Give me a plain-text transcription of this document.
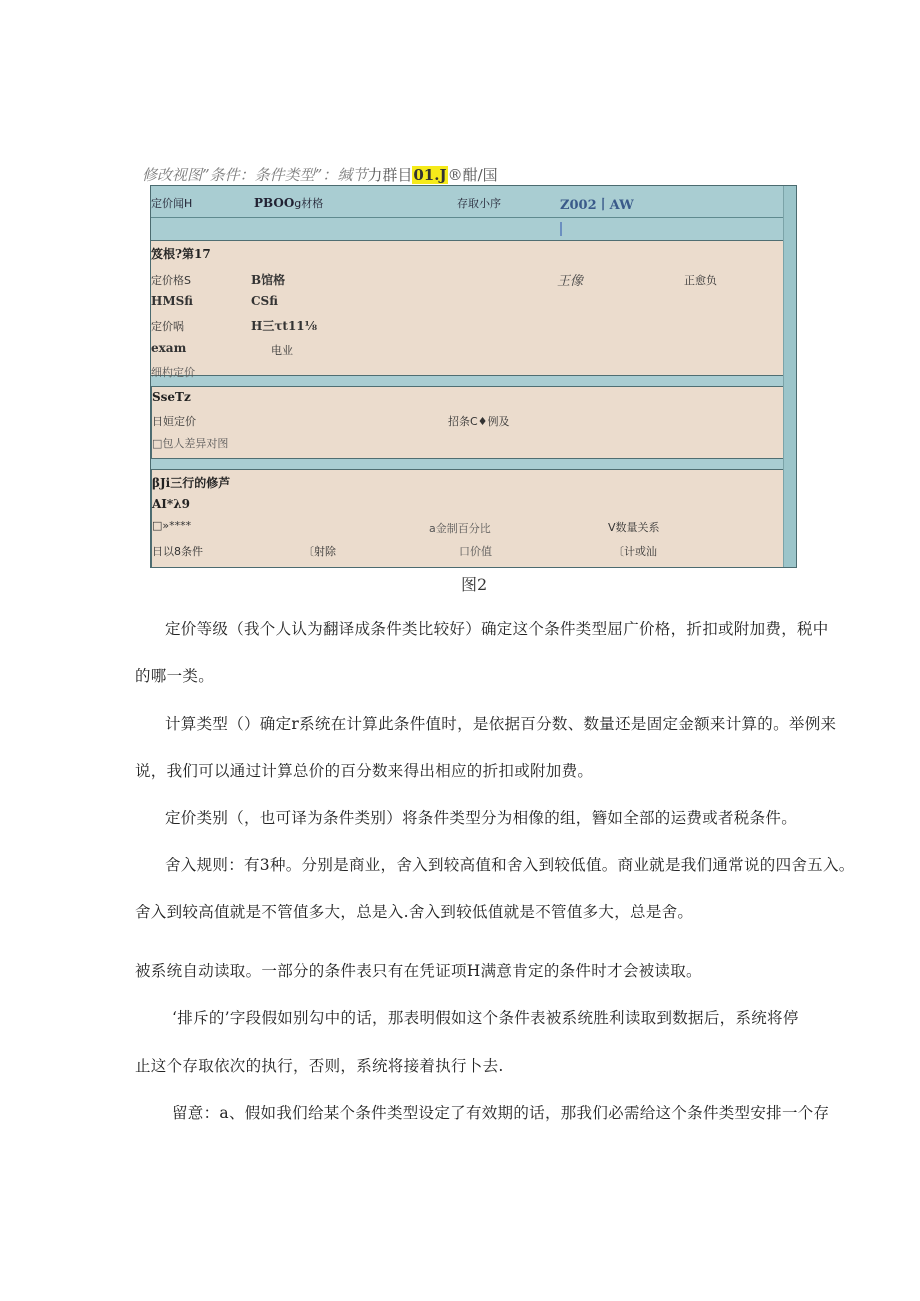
修改视图”条件：条件类型”：缄节力群目01.J®酣/国
定价闻H	PBOOg材格	存取小序	Z002丨AW
笈根?第17
定价格S	B馆格	王像	正愈负
HMSfi	CSfi
定价㖞	H三τt11⅛
exam	电业
细杓定价
SseTz
日姮定价	招条C♦例及
□包人差异对图
βJi三行的修芦
AI*λ9
□»****	a金制百分比	V数量关系
日以8条件	〔射除	口价值	〔计或汕
图2
定价等级（我个人认为翻译成条件类比较好）确定这个条件类型屈广价格，折扣或附加费，税中
的哪一类。
计算类型（）确定r系统在计算此条件值时，是依据百分数、数量还是固定金额来计算的。举例来
说，我们可以通过计算总价的百分数来得出相应的折扣或附加费。
定价类别（，也可译为条件类别）将条件类型分为相像的组，簪如全部的运费或者税条件。
舍入规则：有3种。分别是商业，舍入到较高值和舍入到较低值。商业就是我们通常说的四舍五入。
舍入到较高值就是不管值多大，总是入.舍入到较低值就是不管值多大，总是舍。
被系统自动读取。一部分的条件表只有在凭证项H满意肯定的条件时才会被读取。
‘排斥的’字段假如别勾中的话，那表明假如这个条件表被系统胜利读取到数据后，系统将停
止这个存取依次的执行，否则，系统将接着执行卜去.
留意：a、假如我们给某个条件类型设定了有效期的话，那我们必需给这个条件类型安排一个存
